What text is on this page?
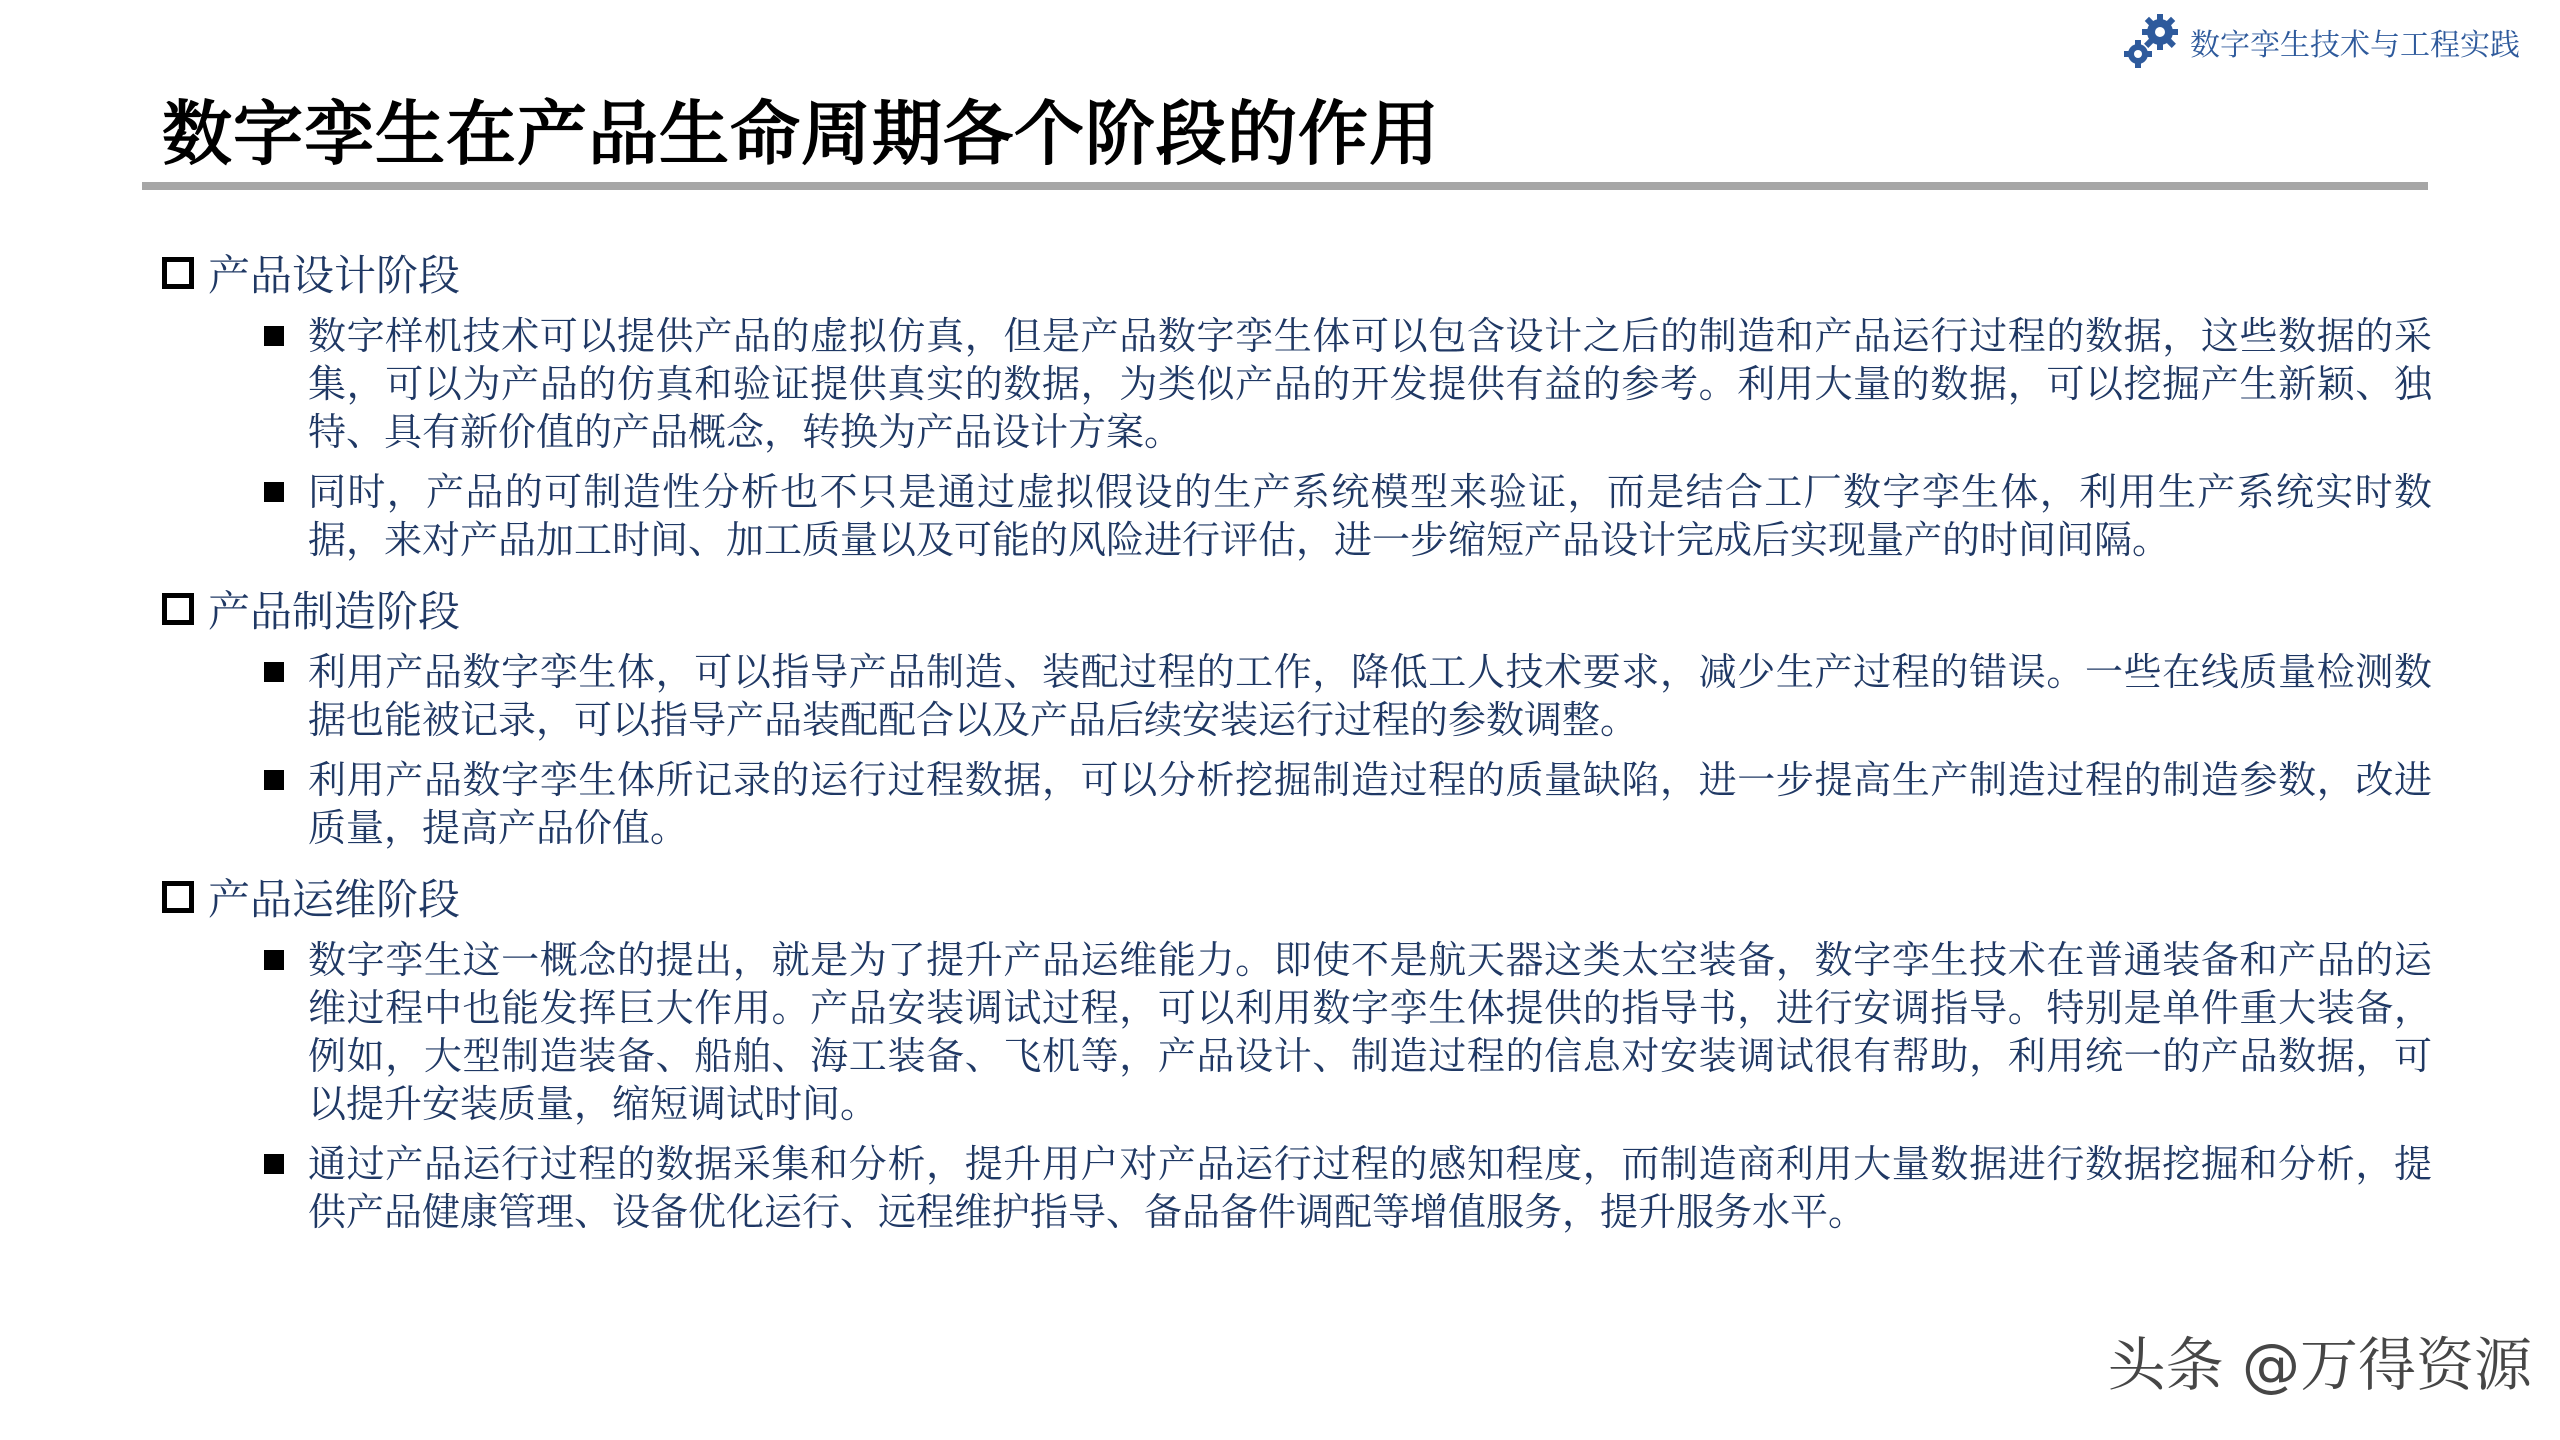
数字孪生技术与工程实践
数字孪生在产品生命周期各个阶段的作用
产品设计阶段
数字样机技术可以提供产品的虚拟仿真，但是产品数字孪生体可以包含设计之后的制造和产品运行过程的数据，这些数据的采集，可以为产品的仿真和验证提供真实的数据，为类似产品的开发提供有益的参考。利用大量的数据，可以挖掘产生新颖、独特、具有新价值的产品概念，转换为产品设计方案。
同时，产品的可制造性分析也不只是通过虚拟假设的生产系统模型来验证，而是结合工厂数字孪生体，利用生产系统实时数据，来对产品加工时间、加工质量以及可能的风险进行评估，进一步缩短产品设计完成后实现量产的时间间隔。
产品制造阶段
利用产品数字孪生体，可以指导产品制造、装配过程的工作，降低工人技术要求，减少生产过程的错误。一些在线质量检测数据也能被记录，可以指导产品装配配合以及产品后续安装运行过程的参数调整。
利用产品数字孪生体所记录的运行过程数据，可以分析挖掘制造过程的质量缺陷，进一步提高生产制造过程的制造参数，改进质量，提高产品价值。
产品运维阶段
数字孪生这一概念的提出，就是为了提升产品运维能力。即使不是航天器这类太空装备，数字孪生技术在普通装备和产品的运维过程中也能发挥巨大作用。产品安装调试过程，可以利用数字孪生体提供的指导书，进行安调指导。特别是单件重大装备，例如，大型制造装备、船舶、海工装备、飞机等，产品设计、制造过程的信息对安装调试很有帮助，利用统一的产品数据，可以提升安装质量，缩短调试时间。
通过产品运行过程的数据采集和分析，提升用户对产品运行过程的感知程度，而制造商利用大量数据进行数据挖掘和分析，提供产品健康管理、设备优化运行、远程维护指导、备品备件调配等增值服务，提升服务水平。
头条 @万得资源
